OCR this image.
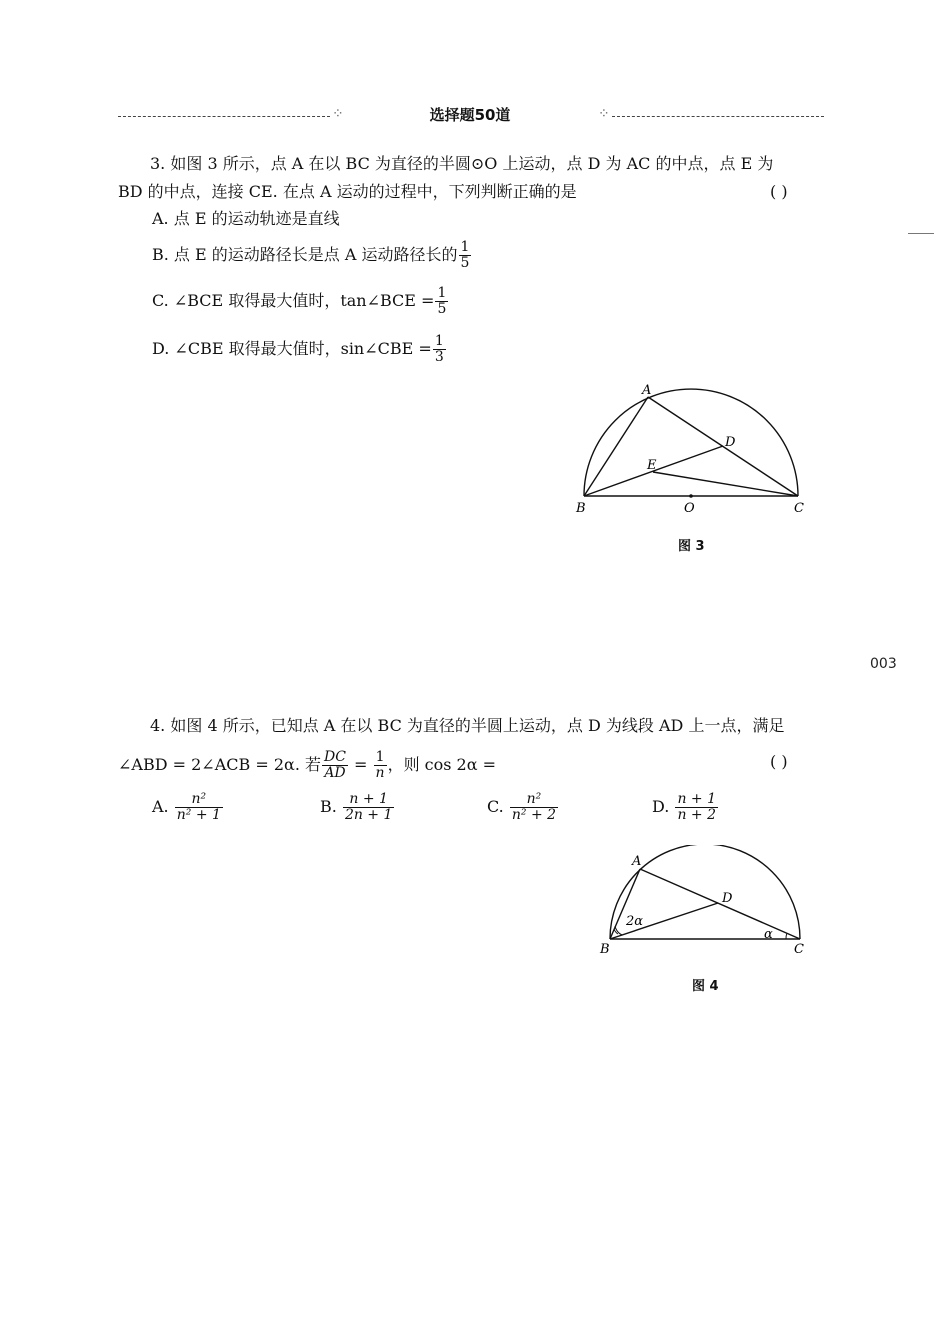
⁘	选择题50道	⁘
3. 如图 3 所示，点 A 在以 BC 为直径的半圆⊙O 上运动，点 D 为 AC 的中点，点 E 为
BD 的中点，连接 CE. 在点 A 运动的过程中，下列判断正确的是	( )
A. 点 E 的运动轨迹是直线
B. 点 E 的运动路径长是点 A 运动路径长的 $\frac{1}{5}$
C. ∠BCE 取得最大值时，tan∠BCE = $\frac{1}{5}$
D. ∠CBE 取得最大值时，sin∠CBE = $\frac{1}{3}$
A
B	C
D
E
O
图 3
003
4. 如图 4 所示，已知点 A 在以 BC 为直径的半圆上运动，点 D 为线段 AD 上一点，满足
∠ABD = 2∠ACB = 2α. 若 $\frac{DC}{AD} = \frac{1}{n}$ ，则 cos 2α =	( )
A. $\frac{\text{n²}}{\text{n² + 1}}$	B. $\frac{n + 1}{2n + 1}$	C. $\frac{\text{n²}}{\text{n² + 2}}$	D. $\frac{n + 1}{n + 2}$
A
B	C
D
2α
α
图 4
